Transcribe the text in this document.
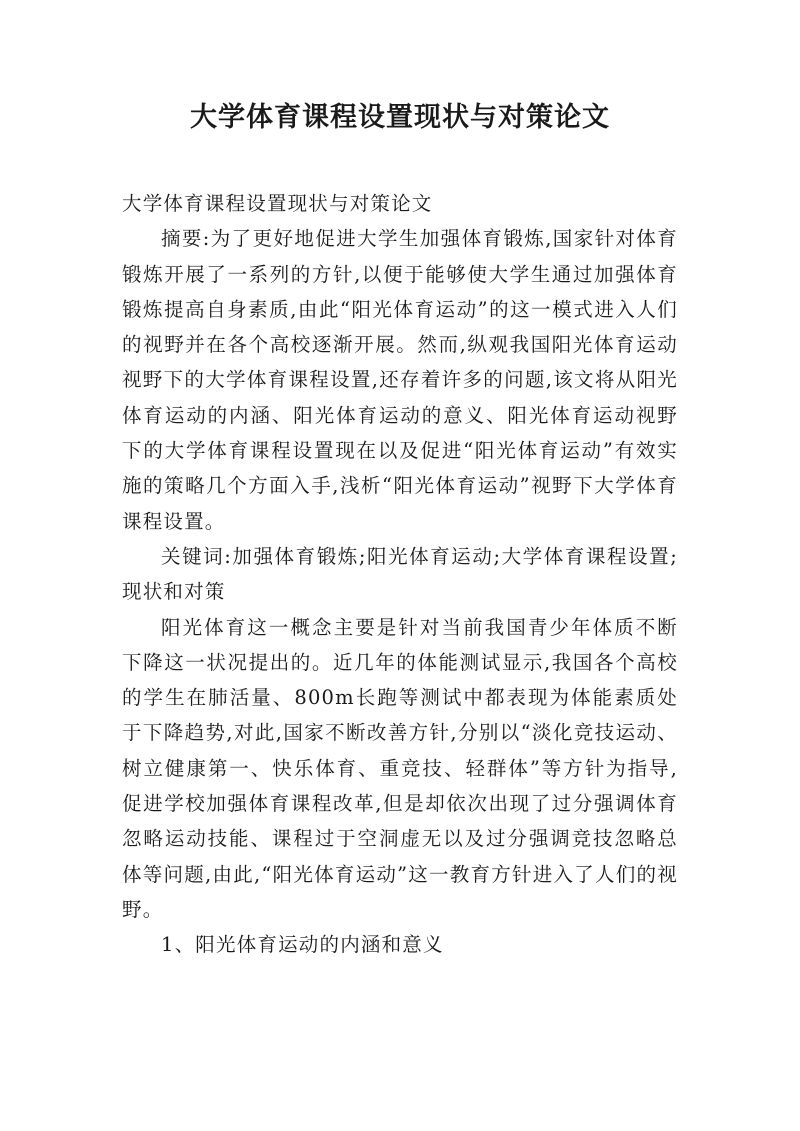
大学体育课程设置现状与对策论文

大学体育课程设置现状与对策论文

摘要:为了更好地促进大学生加强体育锻炼,国家针对体育锻炼开展了一系列的方针,以便于能够使大学生通过加强体育锻炼提高自身素质,由此“阳光体育运动”的这一模式进入人们的视野并在各个高校逐渐开展。然而,纵观我国阳光体育运动视野下的大学体育课程设置,还存着许多的问题,该文将从阳光体育运动的内涵、阳光体育运动的意义、阳光体育运动视野下的大学体育课程设置现在以及促进“阳光体育运动”有效实施的策略几个方面入手,浅析“阳光体育运动”视野下大学体育课程设置。

关键词:加强体育锻炼;阳光体育运动;大学体育课程设置;现状和对策

阳光体育这一概念主要是针对当前我国青少年体质不断下降这一状况提出的。近几年的体能测试显示,我国各个高校的学生在肺活量、800m长跑等测试中都表现为体能素质处于下降趋势,对此,国家不断改善方针,分别以“淡化竞技运动、树立健康第一、快乐体育、重竞技、轻群体”等方针为指导,促进学校加强体育课程改革,但是却依次出现了过分强调体育忽略运动技能、课程过于空洞虚无以及过分强调竞技忽略总体等问题,由此,“阳光体育运动”这一教育方针进入了人们的视野。

1、阳光体育运动的内涵和意义
